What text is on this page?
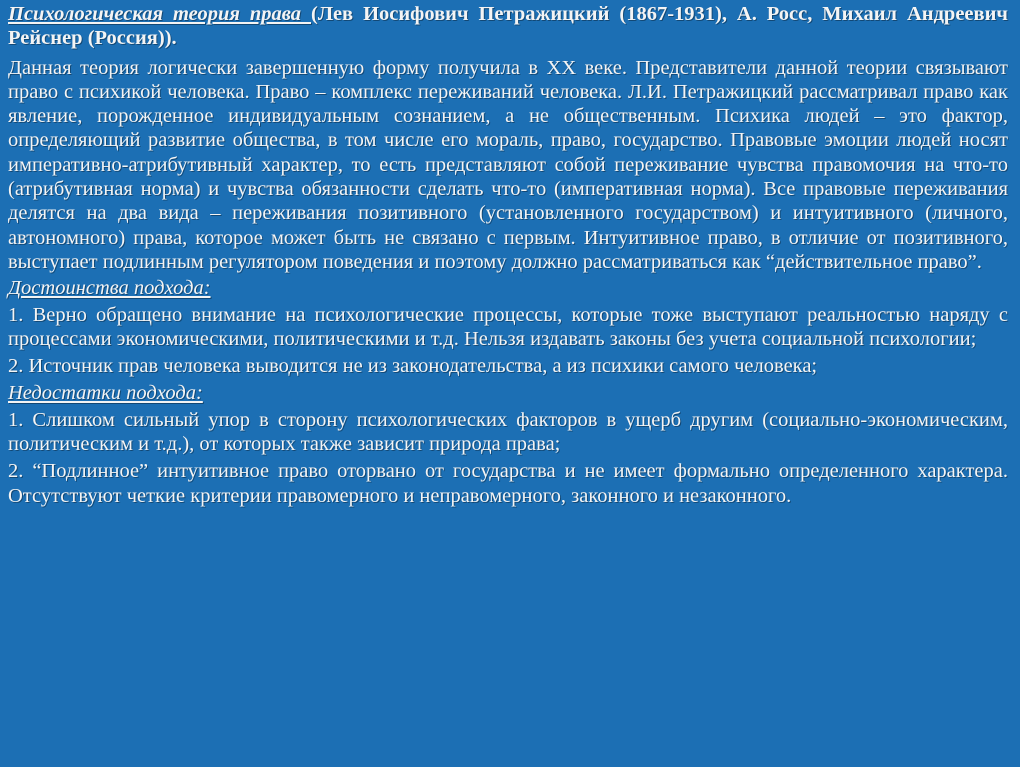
Психологическая теория права (Лев Иосифович Петражицкий (1867-1931), А. Росс, Михаил Андреевич Рейснер (Россия)).

Данная теория логически завершенную форму получила в ХХ веке. Представители данной теории связывают право с психикой человека. Право – комплекс переживаний человека. Л.И. Петражицкий рассматривал право как явление, порожденное индивидуальным сознанием, а не общественным. Психика людей – это фактор, определяющий развитие общества, в том числе его мораль, право, государство. Правовые эмоции людей носят императивно-атрибутивный характер, то есть представляют собой переживание чувства правомочия на что-то (атрибутивная норма) и чувства обязанности сделать что-то (императивная норма). Все правовые переживания делятся на два вида – переживания позитивного (установленного государством) и интуитивного (личного, автономного) права, которое может быть не связано с первым. Интуитивное право, в отличие от позитивного, выступает подлинным регулятором поведения и поэтому должно рассматриваться как “действительное право”.

Достоинства подхода:

1. Верно обращено внимание на психологические процессы, которые тоже выступают реальностью наряду с процессами экономическими, политическими и т.д. Нельзя издавать законы без учета социальной психологии;

2. Источник прав человека выводится не из законодательства, а из психики самого человека;

Недостатки подхода:

1. Слишком сильный упор в сторону психологических факторов в ущерб другим (социально-экономическим, политическим и т.д.), от которых также зависит природа права;

2. “Подлинное” интуитивное право оторвано от государства и не имеет формально определенного характера. Отсутствуют четкие критерии правомерного и неправомерного, законного и незаконного.
